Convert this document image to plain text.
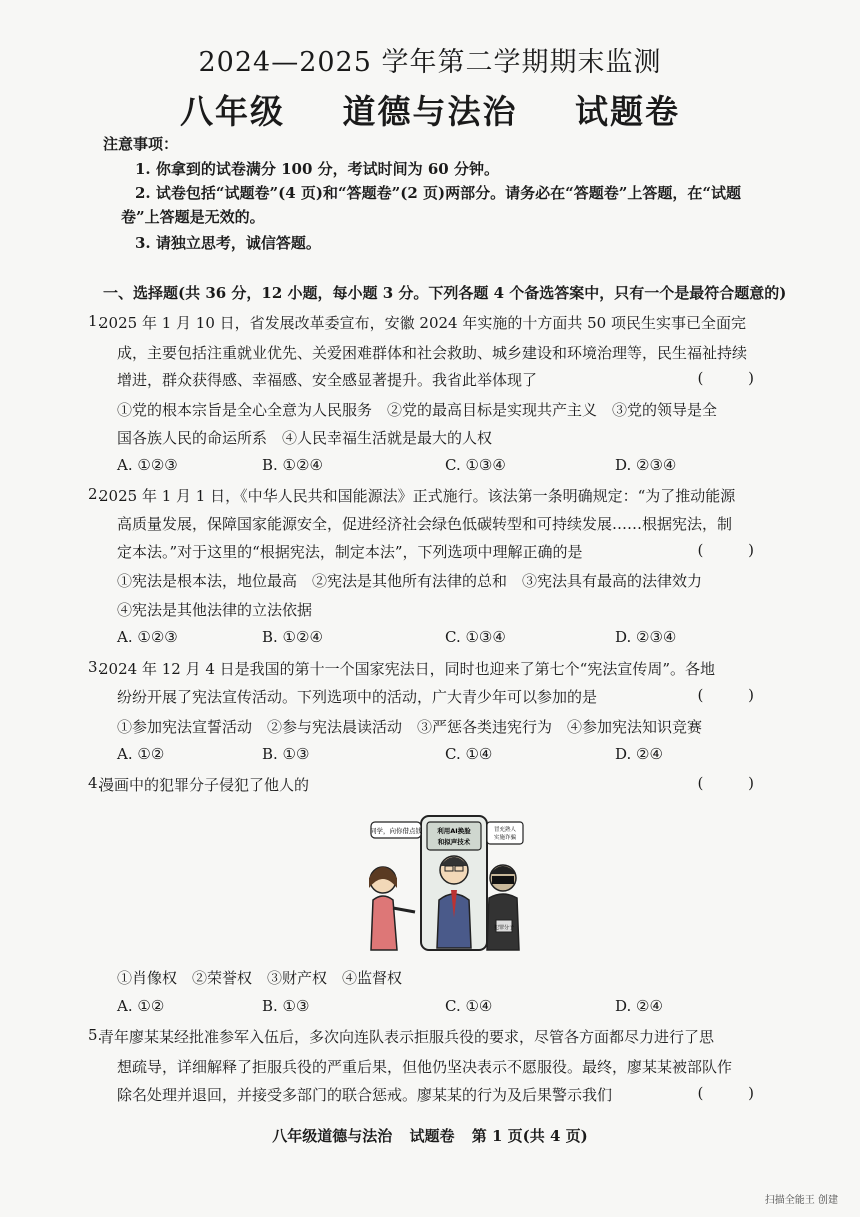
2024—2025 学年第二学期期末监测
八年级 道德与法治 试题卷
注意事项：
1. 你拿到的试卷满分 100 分，考试时间为 60 分钟。
2. 试卷包括“试题卷”(4 页)和“答题卷”(2 页)两部分。请务必在“答题卷”上答题，在“试题
卷”上答题是无效的。
3. 请独立思考，诚信答题。
一、选择题(共 36 分，12 小题，每小题 3 分。下列各题 4 个备选答案中，只有一个是最符合题意的)
1.
2025 年 1 月 10 日，省发展改革委宣布，安徽 2024 年实施的十方面共 50 项民生实事已全面完
成，主要包括注重就业优先、关爱困难群体和社会救助、城乡建设和环境治理等，民生福祉持续
增进，群众获得感、幸福感、安全感显著提升。我省此举体现了	( )
①党的根本宗旨是全心全意为人民服务　②党的最高目标是实现共产主义　③党的领导是全
国各族人民的命运所系　④人民幸福生活就是最大的人权
A. ①②③	B. ①②④	C. ①③④	D. ②③④
2.
2025 年 1 月 1 日，《中华人民共和国能源法》正式施行。该法第一条明确规定：“为了推动能源
高质量发展，保障国家能源安全，促进经济社会绿色低碳转型和可持续发展……根据宪法，制
定本法。”对于这里的“根据宪法，制定本法”，下列选项中理解正确的是	( )
①宪法是根本法，地位最高　②宪法是其他所有法律的总和　③宪法具有最高的法律效力
④宪法是其他法律的立法依据
A. ①②③	B. ①②④	C. ①③④	D. ②③④
3.
2024 年 12 月 4 日是我国的第十一个国家宪法日，同时也迎来了第七个“宪法宣传周”。各地
纷纷开展了宪法宣传活动。下列选项中的活动，广大青少年可以参加的是	( )
①参加宪法宣誓活动　②参与宪法晨读活动　③严惩各类违宪行为　④参加宪法知识竞赛
A. ①②	B. ①③	C. ①④	D. ②④
4.
漫画中的犯罪分子侵犯了他人的	( )
同学，向你借点钱 利用AI换脸
和拟声技术
冒充熟人
实施诈骗
犯罪分子
①肖像权　②荣誉权　③财产权　④监督权
A. ①②	B. ①③	C. ①④	D. ②④
5.
青年廖某某经批准参军入伍后，多次向连队表示拒服兵役的要求，尽管各方面都尽力进行了思
想疏导，详细解释了拒服兵役的严重后果，但他仍坚决表示不愿服役。最终，廖某某被部队作
除名处理并退回，并接受多部门的联合惩戒。廖某某的行为及后果警示我们	( )
八年级道德与法治 试题卷 第 1 页(共 4 页)
扫描全能王 创建
